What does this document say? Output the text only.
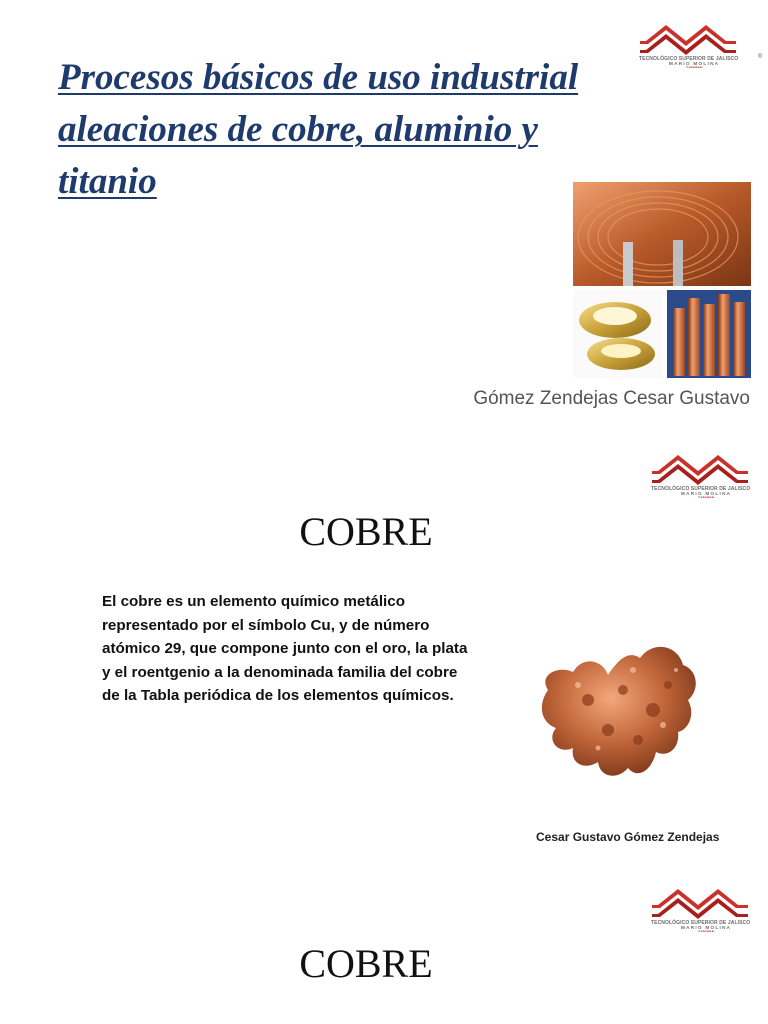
Procesos básicos de uso industrial aleaciones de cobre, aluminio y titanio
TECNOLÓGICO SUPERIOR DE JALISCO	®
MARIO MOLINA
ZAPOPAN
Gómez Zendejas Cesar Gustavo
TECNOLÓGICO SUPERIOR DE JALISCO
MARIO MOLINA
ZAPOPAN
COBRE

El cobre es un elemento químico metálico representado por el símbolo Cu, y de número atómico 29, que compone junto con el oro, la plata y el roentgenio a la denominada familia del cobre de la Tabla periódica de los elementos químicos.

Cesar Gustavo Gómez Zendejas
TECNOLÓGICO SUPERIOR DE JALISCO
MARIO MOLINA
ZAPOPAN
COBRE
